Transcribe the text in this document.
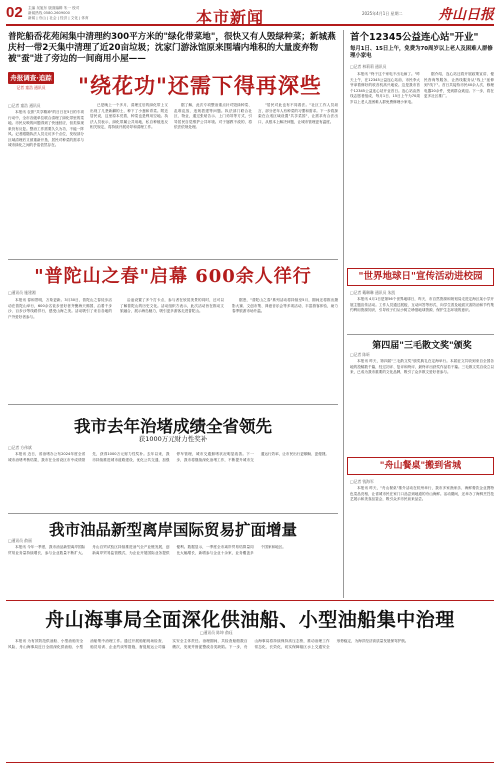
02 主编 吴旭东 版面编辑 朱一 校对
新闻热线 0580-2609000
新闻 | 舟山 | 社会 | 经济 | 文化 | 体育	本市新闻	2025年4月1日 星期二	舟山日报
普陀船岙花苑闲集中清理约300平方米的"绿化带菜地"，很快又有人毁绿种菜；新城燕庆村一带2天集中清理了近20亩垃圾；沈家门游泳馆原来围墙内堆积的大量废弃物被"蚕"进了旁边的一间商用小屋——
舟报调查·追踪
记者 童浩 通讯员	"绕花功"还需下得再深些
□记者 童浩 通讯员

本报讯 农旅"共享精神"的日日在5日的专项行动中，全市各级单位联合清理了绿化带里的菜地。市民反映的问题得到了快速回应，但类似现象仍有反复。整治工作需要久久为功，不能一阵风。记者跟随执法人员走访多个点位，发现部分区域清理后又被重新开垦，居民对种菜的需求与城市绿化之间的矛盾依然存在。

已是晚上一个多月，清理过后的绿化带上又出现了几垄新翻的土，种下了小葱和青菜。附近居民说，这里原本荒着，种菜也是利用空地。执法人员表示，绿化带属公共用地，私自种植违反相关规定，将持续开展劝导和清理工作。

据了解，此次专项整治重点针对毁绿种菜、乱堆乱放、违规搭建等问题。执法部门联合社区、物业，通过张贴告示、上门劝导等方式，引导居民自觉维护公共环境。对于屡教不改的，将依法依规处理。

"居民对此也有不同看法。"社区工作人员坦言，部分老年人有种菜的习惯和需求。下一步将探索在合适区域设置"共享菜园"，让需求有合法出口，从根本上解决问题，让城市管理更有温度。

"普陀山之春"启幕 600余人徉行
□通讯员 施建湘

本报讯 春和景明，万象更新。3月30日，普陀山之春徒步活动在普陀山举行，600余名徒步爱好者齐聚海天佛国，沿着千步沙、百步沙等线路徉行，感受山海之美。活动吸引了来自各地的户外爱好者参与。

沿途设置了多个打卡点，参与者在欣赏美景的同时，还可以了解普陀山的历史文化。活动组织方表示，此次活动旨在推动文旅融合，展示海岛魅力，吸引更多游客走进普陀山。

据悉，"普陀山之春"系列活动将持续至5月，期间还将推出摄影大赛、文创市集、禅意音乐会等多项活动，丰富游客体验，助力春季旅游市场升温。

首个12345公益连心站"开业"
每月1日、15日上午，免费为70周岁以上老人及困难人群修理小家电
□记者 林莉莉 通讯员

本报讯 "终于这个家电不出毛病了。"昨天上午，在12345公益连心站前，市民李大爷拿着修好的收音机高兴地说。这是我市首个12345公益连心站开业首日。连心站由热线志愿者组成，每月1日、15日上午为70周岁以上老人及困难人群免费修理小家电。

据介绍，连心站还将开展政策宣讲、便民咨询等服务，让热线服务从"线上"延伸到"线下"。首日共接待市民40余人次，修理电器20余件，受到群众欢迎。下一步，将在更多社区推广。

"世界地球日"宣传活动进校园
□记者 戴琳琳 通讯员 朱凯

本报讯 4月1日是第56个世界地球日，昨天，市自然资源和规划局走进定海区某小学开展主题宣传活动。工作人员通过展板、互动问答等形式，向学生普及地质灾害防治和节约集约利用资源知识，引导孩子们从小树立珍惜地球资源、保护生态环境的意识。

第四届"三毛散文奖"颁奖
□记者 陈昕

本报讯 昨天，第四届"三毛散文奖"颁奖典礼在定海举行。本届征文共收到来自全国各地的投稿数千篇，经过初评、复评和终评，最终评出获奖作品若干篇。三毛散文奖自设立以来，已成为我市重要的文化品牌，吸引了众多散文爱好者参与。

"舟山餐桌"搬到省城
□记者 钱海军

本报讯 昨天，"舟山餐桌"推介活动在杭州举行，我市多家渔家乐、海鲜餐饮企业携特色菜品亮相，让省城市民在家门口品尝到地道的舟山海鲜。活动期间，还举办了海鲜烹饪技艺展示和美食品鉴会，吸引众多市民前来品尝。

我市去年治堵成绩全省领先
获1000万元财力性奖补
□记者 方伟斌

本报讯 近日，省治堵办公布2024年度全省城市治堵考核结果，我市在全省设区市中成绩领先，获得1000万元财力性奖补。去年以来，我市持续推进城市道路建设，优化公共交通，加强停车管理，城市交通拥堵状况明显改善。下一步，我市将继续深化治堵工作，不断提升城市交通运行效率，让市民出行更顺畅、更便捷。

我市油品新型离岸国际贸易扩面增量
□通讯员 俞丽

本报讯 今年一季度，我市油品新型离岸国际贸易业务量持续增长，参与企业数量不断扩大。舟山自贸试验区持续推进油气全产业链发展，创新离岸贸易监管模式，为企业开展国际业务提供便利。数据显示，一季度全市离岸贸易结算量同比大幅增长，新增参与企业十余家，业务覆盖多个国家和地区。

舟山海事局全面深化供油船、小型油船集中治理
□通讯员 陈坤 俞珏

本报讯 为有效防范供油船、小型油船安全风险，舟山海事局近日全面深化供油船、小型油船集中治理工作。通过开展船舶现场检查、船员培训、企业约谈等措施，督促航运公司落实安全主体责任。治理期间，共检查船舶数百艘次，发现并督促整改各类缺陷。下一步，舟山海事局将持续保持高压态势，推动治理工作常态化、长效化，切实保障辖区水上交通安全形势稳定，为海洋经济高质量发展保驾护航。
